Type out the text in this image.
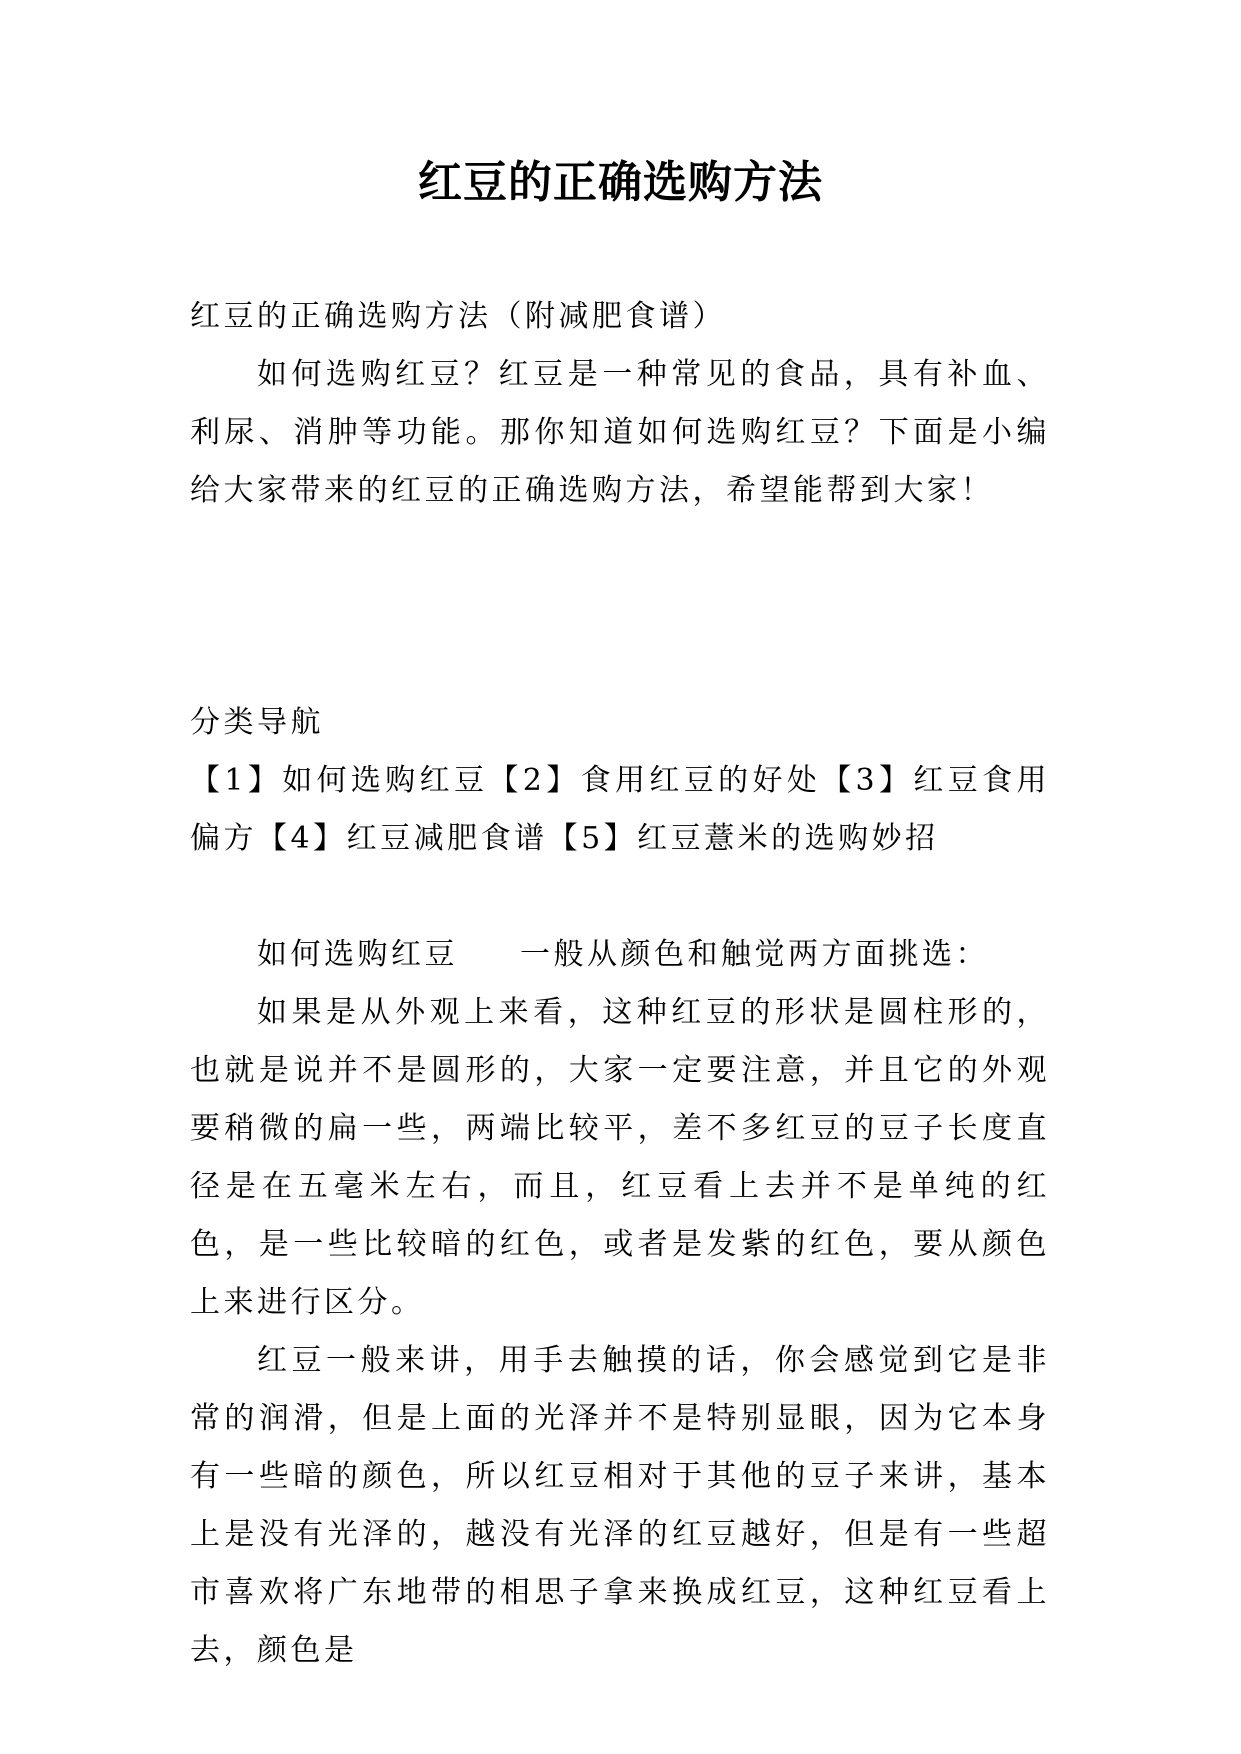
红豆的正确选购方法

红豆的正确选购方法（附减肥食谱）

如何选购红豆？红豆是一种常见的食品，具有补血、利尿、消肿等功能。那你知道如何选购红豆？下面是小编给大家带来的红豆的正确选购方法，希望能帮到大家！

分类导航

【1】如何选购红豆【2】食用红豆的好处【3】红豆食用偏方【4】红豆减肥食谱【5】红豆薏米的选购妙招

如何选购红豆 一般从颜色和触觉两方面挑选：

如果是从外观上来看，这种红豆的形状是圆柱形的，也就是说并不是圆形的，大家一定要注意，并且它的外观要稍微的扁一些，两端比较平，差不多红豆的豆子长度直径是在五毫米左右，而且，红豆看上去并不是单纯的红色，是一些比较暗的红色，或者是发紫的红色，要从颜色上来进行区分。

红豆一般来讲，用手去触摸的话，你会感觉到它是非常的润滑，但是上面的光泽并不是特别显眼，因为它本身有一些暗的颜色，所以红豆相对于其他的豆子来讲，基本上是没有光泽的，越没有光泽的红豆越好，但是有一些超市喜欢将广东地带的相思子拿来换成红豆，这种红豆看上去，颜色是
